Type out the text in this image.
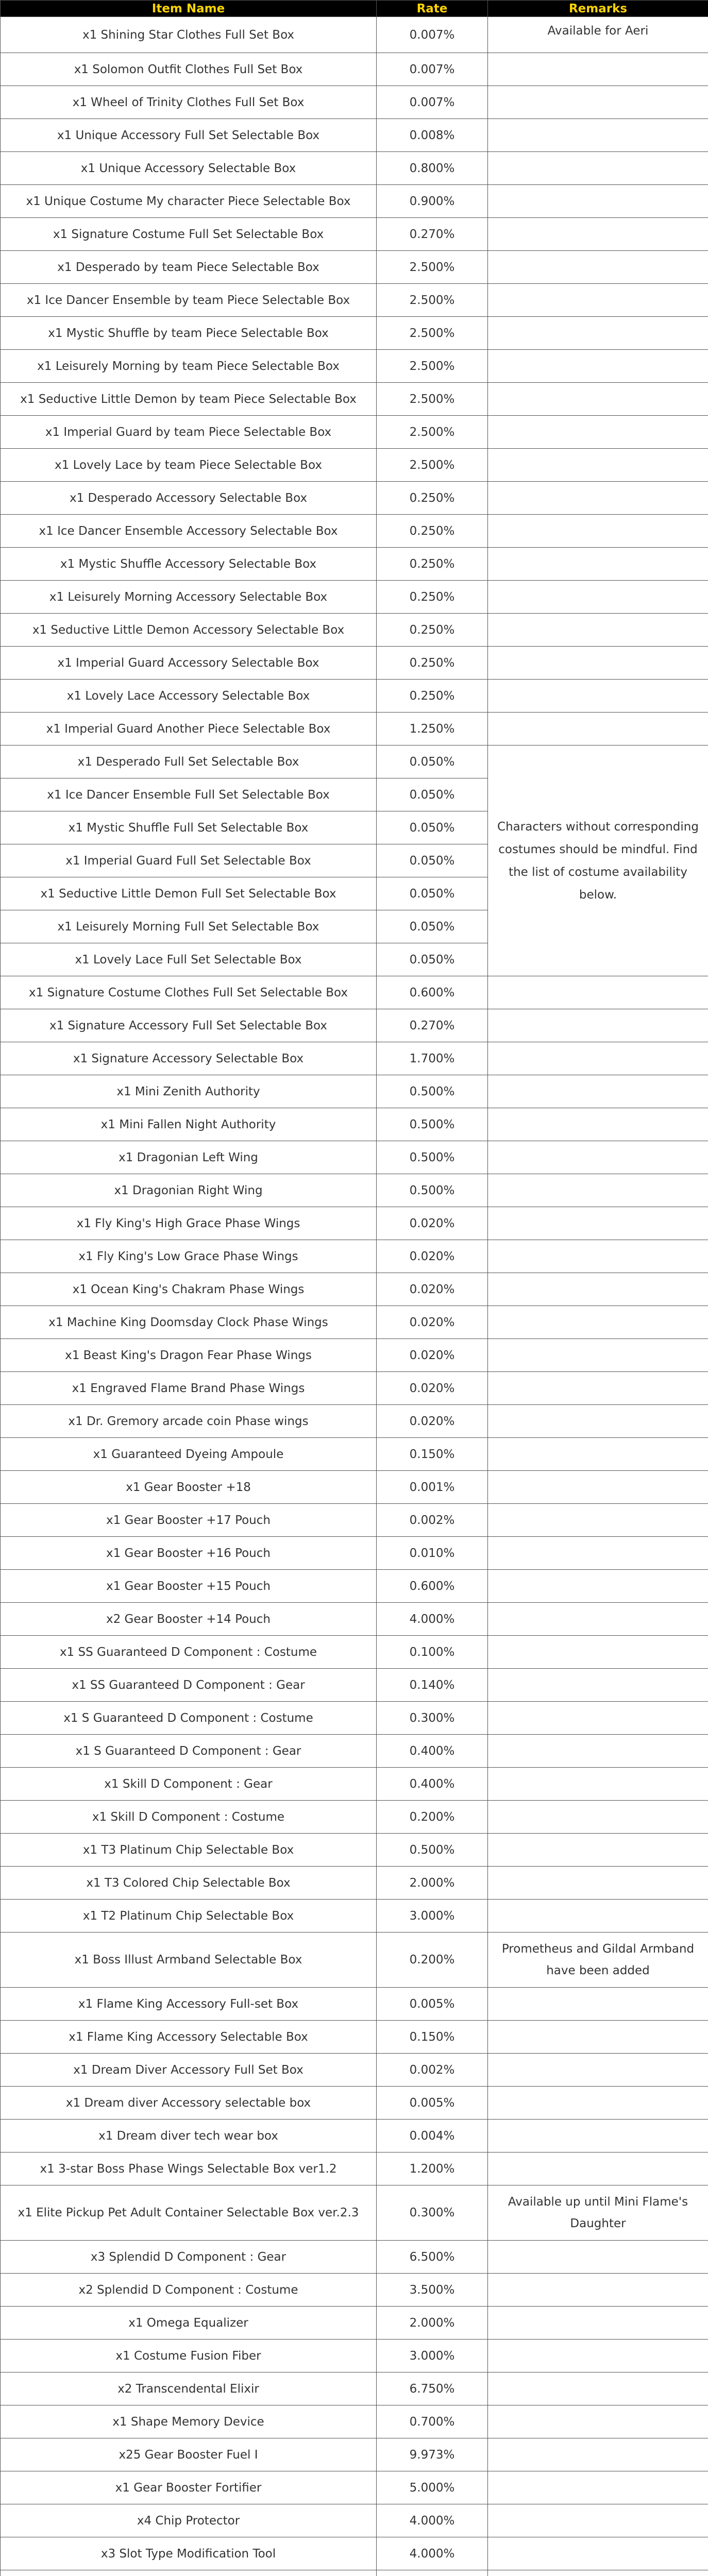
Item Name	Rate	Remarks
x1 Shining Star Clothes Full Set Box	0.007%	Available for Aeri
x1 Solomon Outfit Clothes Full Set Box	0.007%	
x1 Wheel of Trinity Clothes Full Set Box	0.007%	
x1 Unique Accessory Full Set Selectable Box	0.008%	
x1 Unique Accessory Selectable Box	0.800%	
x1 Unique Costume My character Piece Selectable Box	0.900%	
x1 Signature Costume Full Set Selectable Box	0.270%	
x1 Desperado by team Piece Selectable Box	2.500%	
x1 Ice Dancer Ensemble by team Piece Selectable Box	2.500%	
x1 Mystic Shuffle by team Piece Selectable Box	2.500%	
x1 Leisurely Morning by team Piece Selectable Box	2.500%	
x1 Seductive Little Demon by team Piece Selectable Box	2.500%	
x1 Imperial Guard by team Piece Selectable Box	2.500%	
x1 Lovely Lace by team Piece Selectable Box	2.500%	
x1 Desperado Accessory Selectable Box	0.250%	
x1 Ice Dancer Ensemble Accessory Selectable Box	0.250%	
x1 Mystic Shuffle Accessory Selectable Box	0.250%	
x1 Leisurely Morning Accessory Selectable Box	0.250%	
x1 Seductive Little Demon Accessory Selectable Box	0.250%	
x1 Imperial Guard Accessory Selectable Box	0.250%	
x1 Lovely Lace Accessory Selectable Box	0.250%	
x1 Imperial Guard Another Piece Selectable Box	1.250%	
x1 Desperado Full Set Selectable Box	0.050%	Characters without corresponding costumes should be mindful. Find the list of costume availability below.
x1 Ice Dancer Ensemble Full Set Selectable Box	0.050%	
x1 Mystic Shuffle Full Set Selectable Box	0.050%	
x1 Imperial Guard Full Set Selectable Box	0.050%	
x1 Seductive Little Demon Full Set Selectable Box	0.050%	
x1 Leisurely Morning Full Set Selectable Box	0.050%	
x1 Lovely Lace Full Set Selectable Box	0.050%	
x1 Signature Costume Clothes Full Set Selectable Box	0.600%	
x1 Signature Accessory Full Set Selectable Box	0.270%	
x1 Signature Accessory Selectable Box	1.700%	
x1 Mini Zenith Authority	0.500%	
x1 Mini Fallen Night Authority	0.500%	
x1 Dragonian Left Wing	0.500%	
x1 Dragonian Right Wing	0.500%	
x1 Fly King's High Grace Phase Wings	0.020%	
x1 Fly King's Low Grace Phase Wings	0.020%	
x1 Ocean King's Chakram Phase Wings	0.020%	
x1 Machine King Doomsday Clock Phase Wings	0.020%	
x1 Beast King's Dragon Fear Phase Wings	0.020%	
x1 Engraved Flame Brand Phase Wings	0.020%	
x1 Dr. Gremory arcade coin Phase wings	0.020%	
x1 Guaranteed Dyeing Ampoule	0.150%	
x1 Gear Booster +18	0.001%	
x1 Gear Booster +17 Pouch	0.002%	
x1 Gear Booster +16 Pouch	0.010%	
x1 Gear Booster +15 Pouch	0.600%	
x2 Gear Booster +14 Pouch	4.000%	
x1 SS Guaranteed D Component : Costume	0.100%	
x1 SS Guaranteed D Component : Gear	0.140%	
x1 S Guaranteed D Component : Costume	0.300%	
x1 S Guaranteed D Component : Gear	0.400%	
x1 Skill D Component : Gear	0.400%	
x1 Skill D Component : Costume	0.200%	
x1 T3 Platinum Chip Selectable Box	0.500%	
x1 T3 Colored Chip Selectable Box	2.000%	
x1 T2 Platinum Chip Selectable Box	3.000%	
x1 Boss Illust Armband Selectable Box	0.200%	Prometheus and Gildal Armband have been added
x1 Flame King Accessory Full-set Box	0.005%	
x1 Flame King Accessory Selectable Box	0.150%	
x1 Dream Diver Accessory Full Set Box	0.002%	
x1 Dream diver Accessory selectable box	0.005%	
x1 Dream diver tech wear box	0.004%	
x1 3-star Boss Phase Wings Selectable Box ver1.2	1.200%	
x1 Elite Pickup Pet Adult Container Selectable Box ver.2.3	0.300%	Available up until Mini Flame's Daughter
x3 Splendid D Component : Gear	6.500%	
x2 Splendid D Component : Costume	3.500%	
x1 Omega Equalizer	2.000%	
x1 Costume Fusion Fiber	3.000%	
x2 Transcendental Elixir	6.750%	
x1 Shape Memory Device	0.700%	
x25 Gear Booster Fuel I	9.973%	
x1 Gear Booster Fortifier	5.000%	
x4 Chip Protector	4.000%	
x3 Slot Type Modification Tool	4.000%	
